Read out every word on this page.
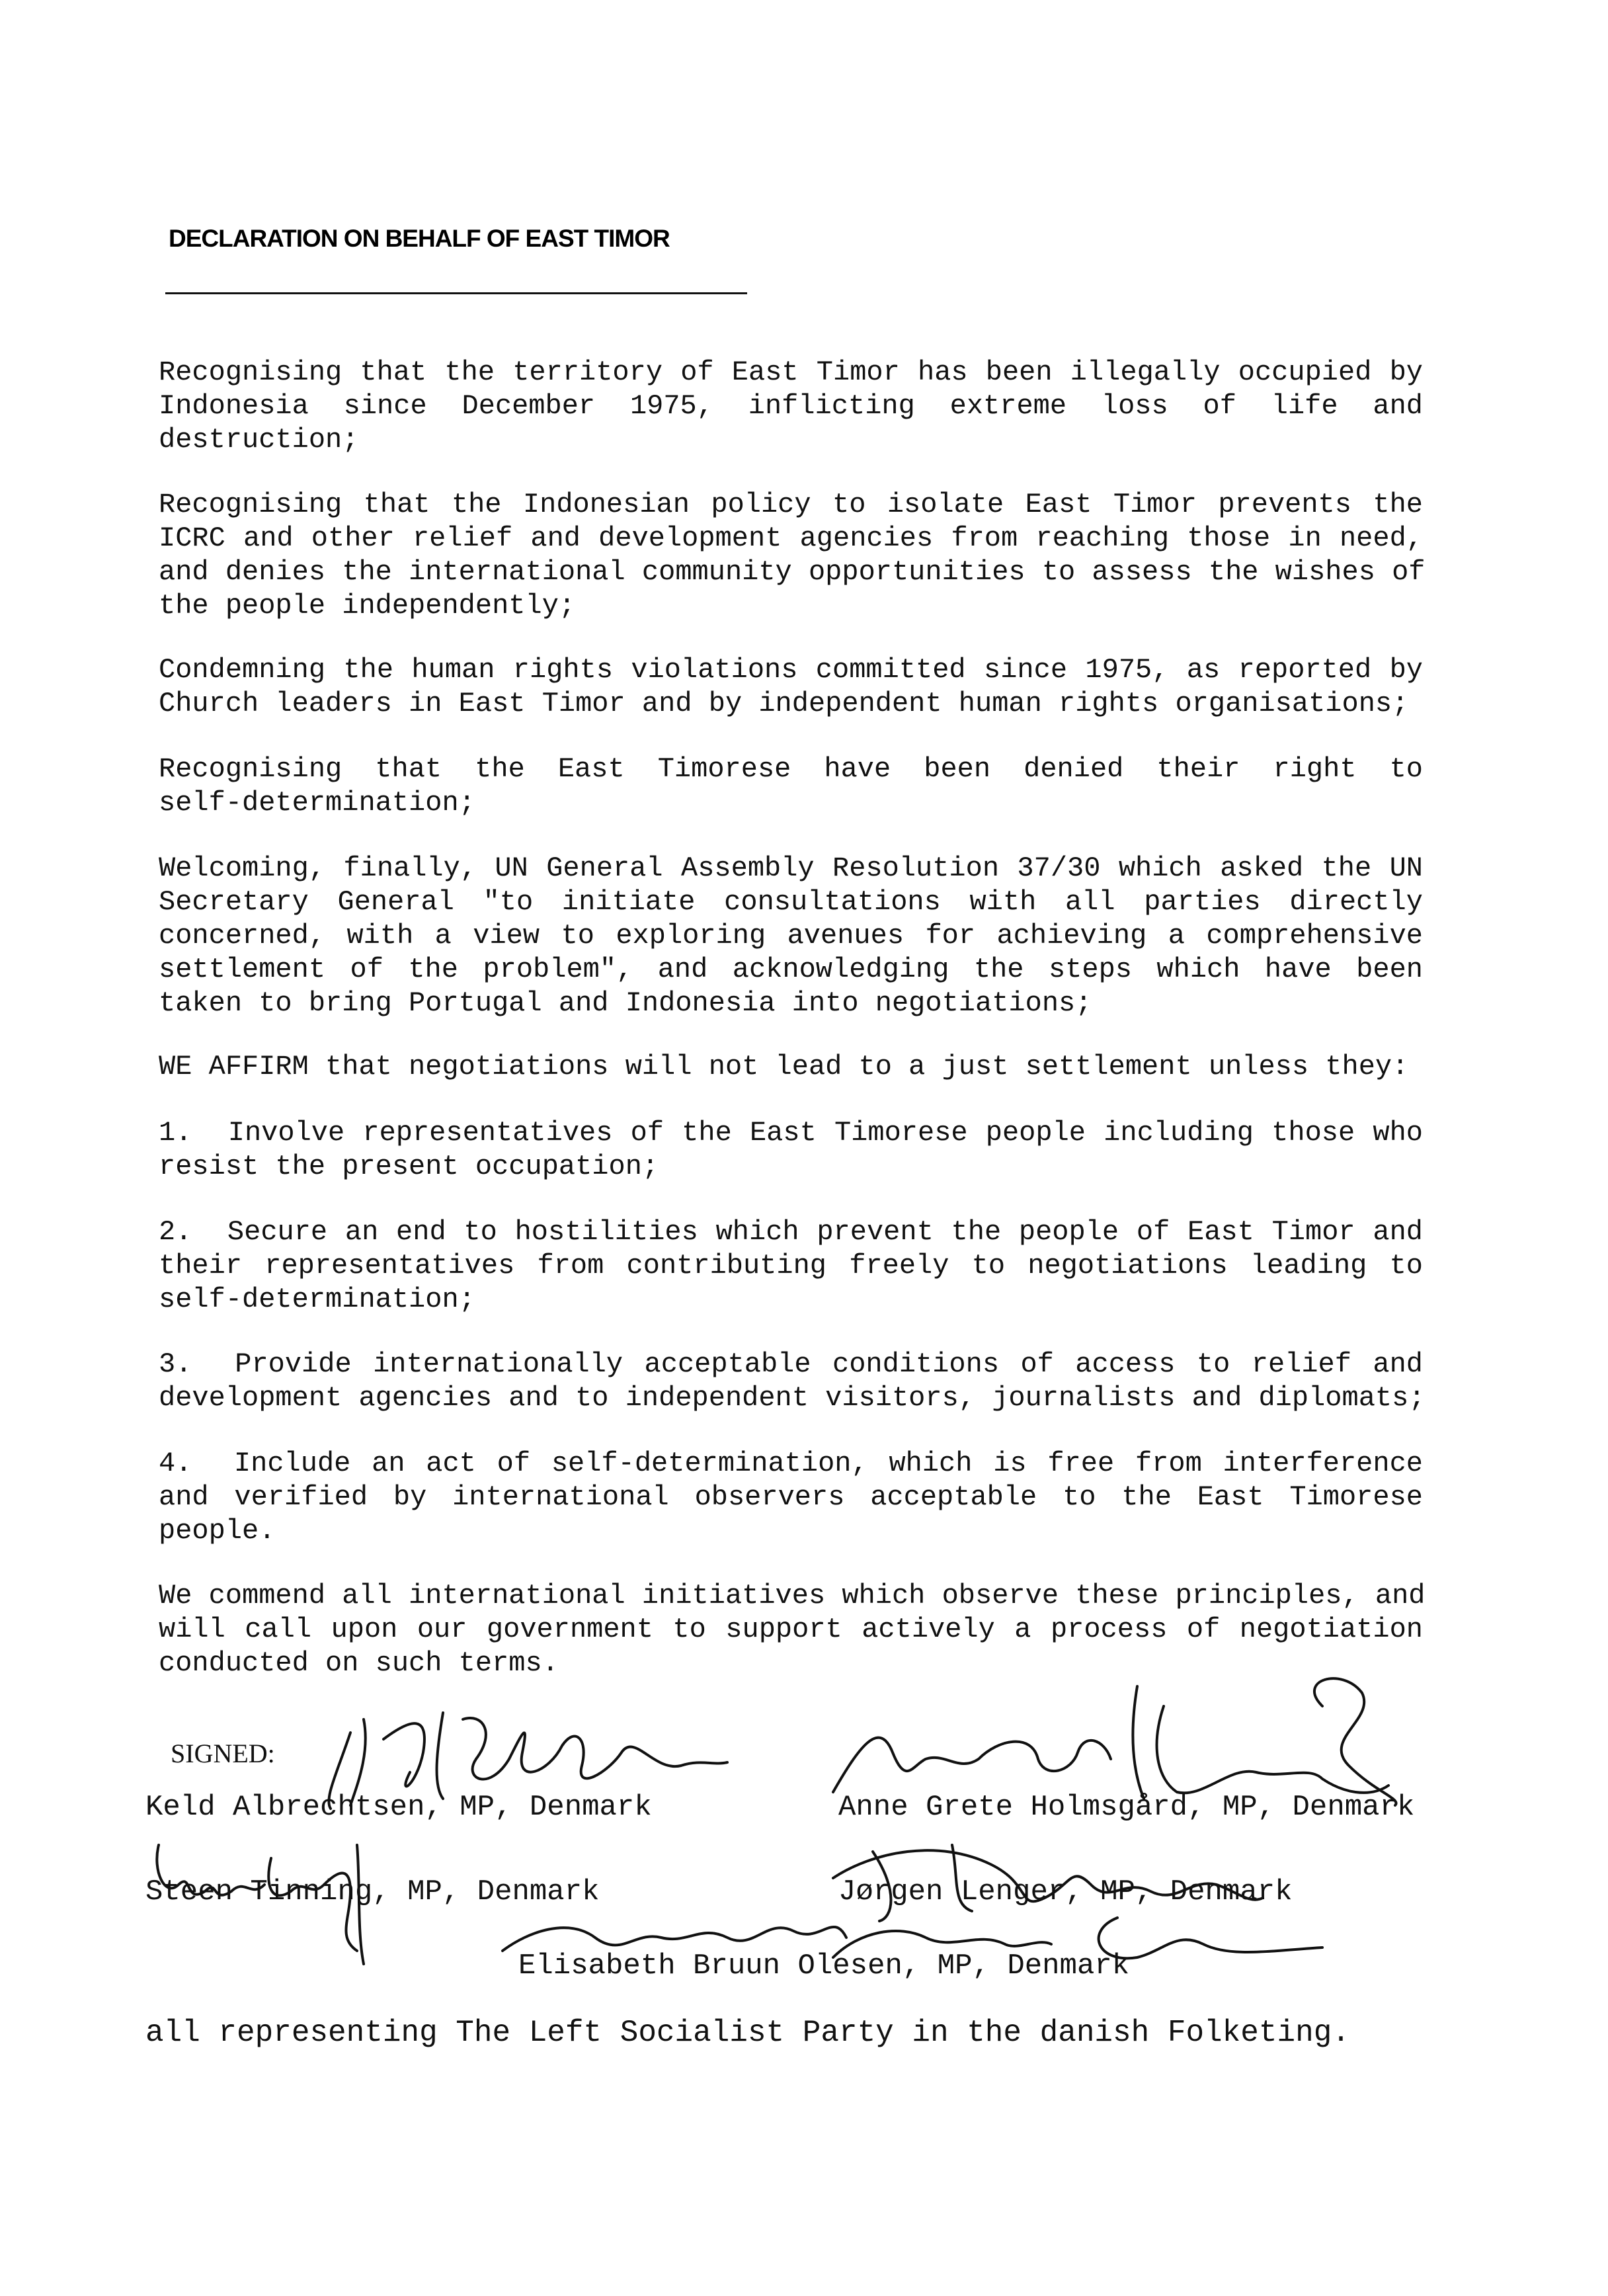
DECLARATION ON BEHALF OF EAST TIMOR
Recognising that the territory of East Timor has been illegally occupied by
Indonesia since December 1975, inflicting extreme loss of life and
destruction;
Recognising that the Indonesian policy to isolate East Timor prevents the
ICRC and other relief and development agencies from reaching those in need,
and denies the international community opportunities to assess the wishes of
the people independently;
Condemning the human rights violations committed since 1975, as reported by
Church leaders in East Timor and by independent human rights organisations;
Recognising that the East Timorese have been denied their right to
self-determination;
Welcoming, finally, UN General Assembly Resolution 37/30 which asked the UN
Secretary General "to initiate consultations with all parties directly
concerned, with a view to exploring avenues for achieving a comprehensive
settlement of the problem", and acknowledging the steps which have been
taken to bring Portugal and Indonesia into negotiations;
WE AFFIRM that negotiations will not lead to a just settlement unless they:
1.  Involve representatives of the East Timorese people including those who
resist the present occupation;
2.  Secure an end to hostilities which prevent the people of East Timor and
their representatives from contributing freely to negotiations leading to
self-determination;
3.  Provide internationally acceptable conditions of access to relief and
development agencies and to independent visitors, journalists and diplomats;
4.  Include an act of self-determination, which is free from interference
and verified by international observers acceptable to the East Timorese
people.
We commend all international initiatives which observe these principles, and
will call upon our government to support actively a process of negotiation
conducted on such terms.
SIGNED:
Keld Albrechtsen, MP, Denmark	Anne Grete Holmsgård, MP, Denmark
Steen Tinning, MP, Denmark	Jørgen Lenger, MP, Denmark
Elisabeth Bruun Olesen, MP, Denmark
all representing The Left Socialist Party in the danish Folketing.
